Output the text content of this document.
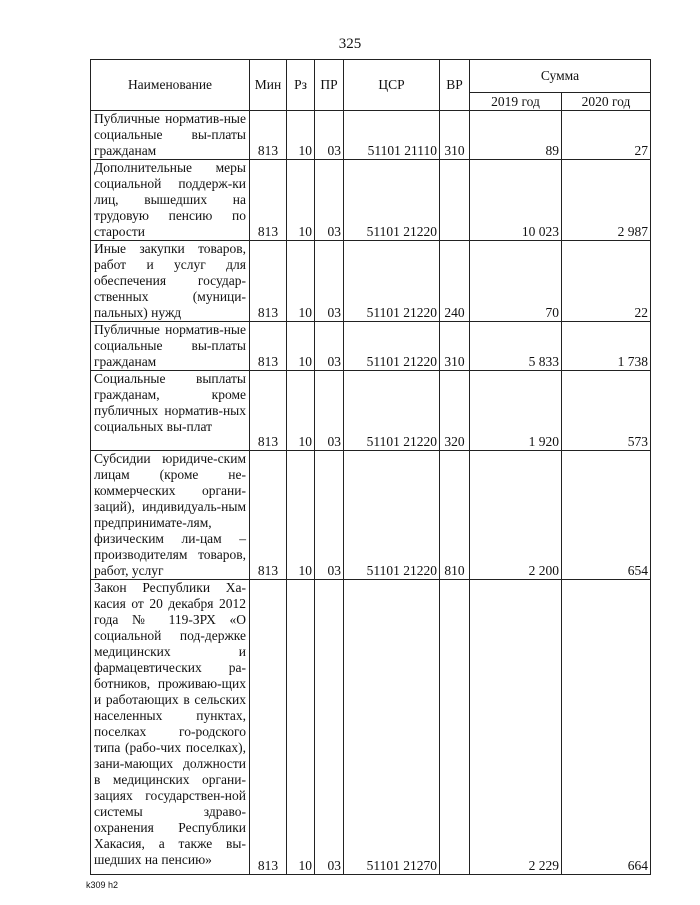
325
Наименование	Мин	Рз	ПР	ЦСР	ВР	Сумма	
						2019 год	2020 год
Публичные норматив-ные социальные вы-платы гражданам	813	10	03	51101 21110	310	89	27
Дополнительные меры социальной поддерж-ки лиц, вышедших на трудовую пенсию по старости	813	10	03	51101 21220		10 023	2 987
Иные закупки товаров, работ и услуг для обеспечения государ-ственных (муници-пальных) нужд	813	10	03	51101 21220	240	70	22
Публичные норматив-ные социальные вы-платы гражданам	813	10	03	51101 21220	310	5 833	1 738
Социальные выплаты гражданам, кроме публичных норматив-ных социальных вы-плат	813	10	03	51101 21220	320	1 920	573
Субсидии юридиче-ским лицам (кроме не-коммерческих органи-заций), индивидуаль-ным предпринимате-лям, физическим ли-цам – производителям товаров, работ, услуг	813	10	03	51101 21220	810	2 200	654
Закон Республики Ха-касия от 20 декабря 2012 года № 119-ЗРХ «О социальной под-держке медицинских и фармацевтических ра-ботников, проживаю-щих и работающих в сельских населенных пунктах, поселках го-родского типа (рабо-чих поселках), зани-мающих должности в медицинских органи-зациях государствен-ной системы здраво-охранения Республики Хакасия, а также вы-шедших на пенсию»	813	10	03	51101 21270		2 229	664
k309 h2
